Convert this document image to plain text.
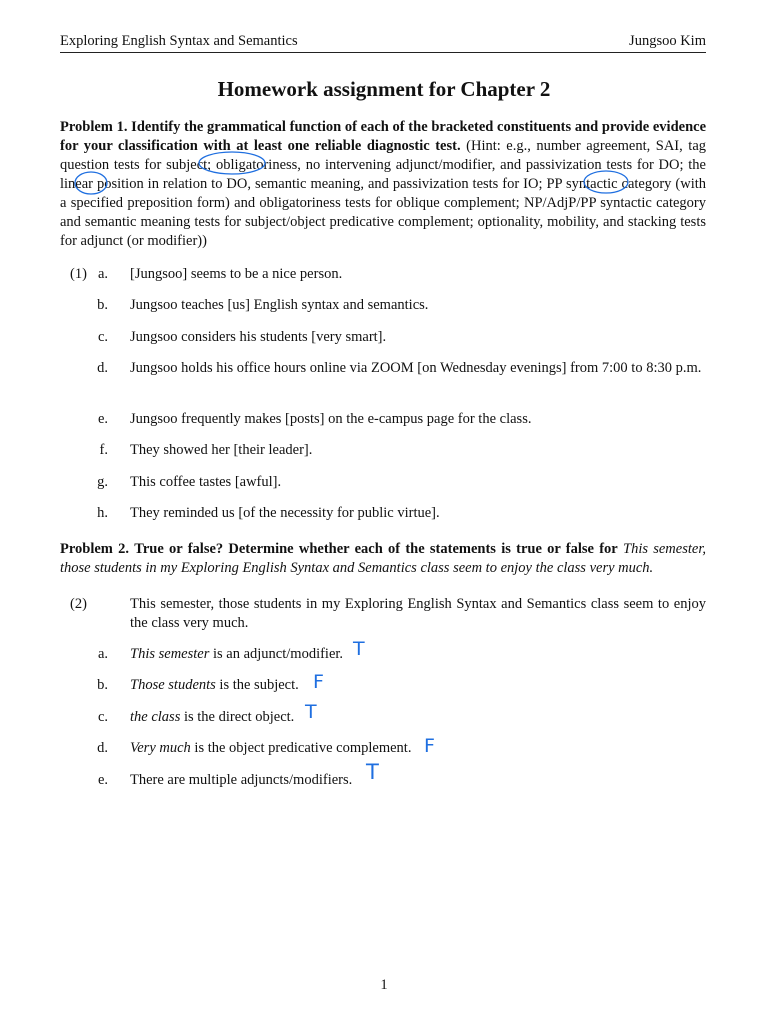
Exploring English Syntax and Semantics	Jungsoo Kim
Homework assignment for Chapter 2
Problem 1. Identify the grammatical function of each of the bracketed constituents and provide evidence for your classification with at least one reliable diagnostic test. (Hint: e.g., number agreement, SAI, tag question tests for subject; obligatoriness, no intervening adjunct/modifier, and passivization tests for DO; the linear position in relation to DO, semantic meaning, and passivization tests for IO; PP syntactic category (with a specified preposition form) and obligatoriness tests for oblique complement; NP/AdjP/PP syntactic category and semantic meaning tests for subject/object predicative complement; optionality, mobility, and stacking tests for adjunct (or modifier))
(1) a. [Jungsoo] seems to be a nice person.
b. Jungsoo teaches [us] English syntax and semantics.
c. Jungsoo considers his students [very smart].
d. Jungsoo holds his office hours online via ZOOM [on Wednesday evenings] from 7:00 to 8:30 p.m.
e. Jungsoo frequently makes [posts] on the e-campus page for the class.
f. They showed her [their leader].
g. This coffee tastes [awful].
h. They reminded us [of the necessity for public virtue].
Problem 2. True or false? Determine whether each of the statements is true or false for This semester, those students in my Exploring English Syntax and Semantics class seem to enjoy the class very much.
(2)	This semester, those students in my Exploring English Syntax and Semantics class seem to enjoy the class very much.
a. This semester is an adjunct/modifier. T
b. Those students is the subject. F
c. the class is the direct object. T
d. Very much is the object predicative complement. F
e. There are multiple adjuncts/modifiers. T
1
